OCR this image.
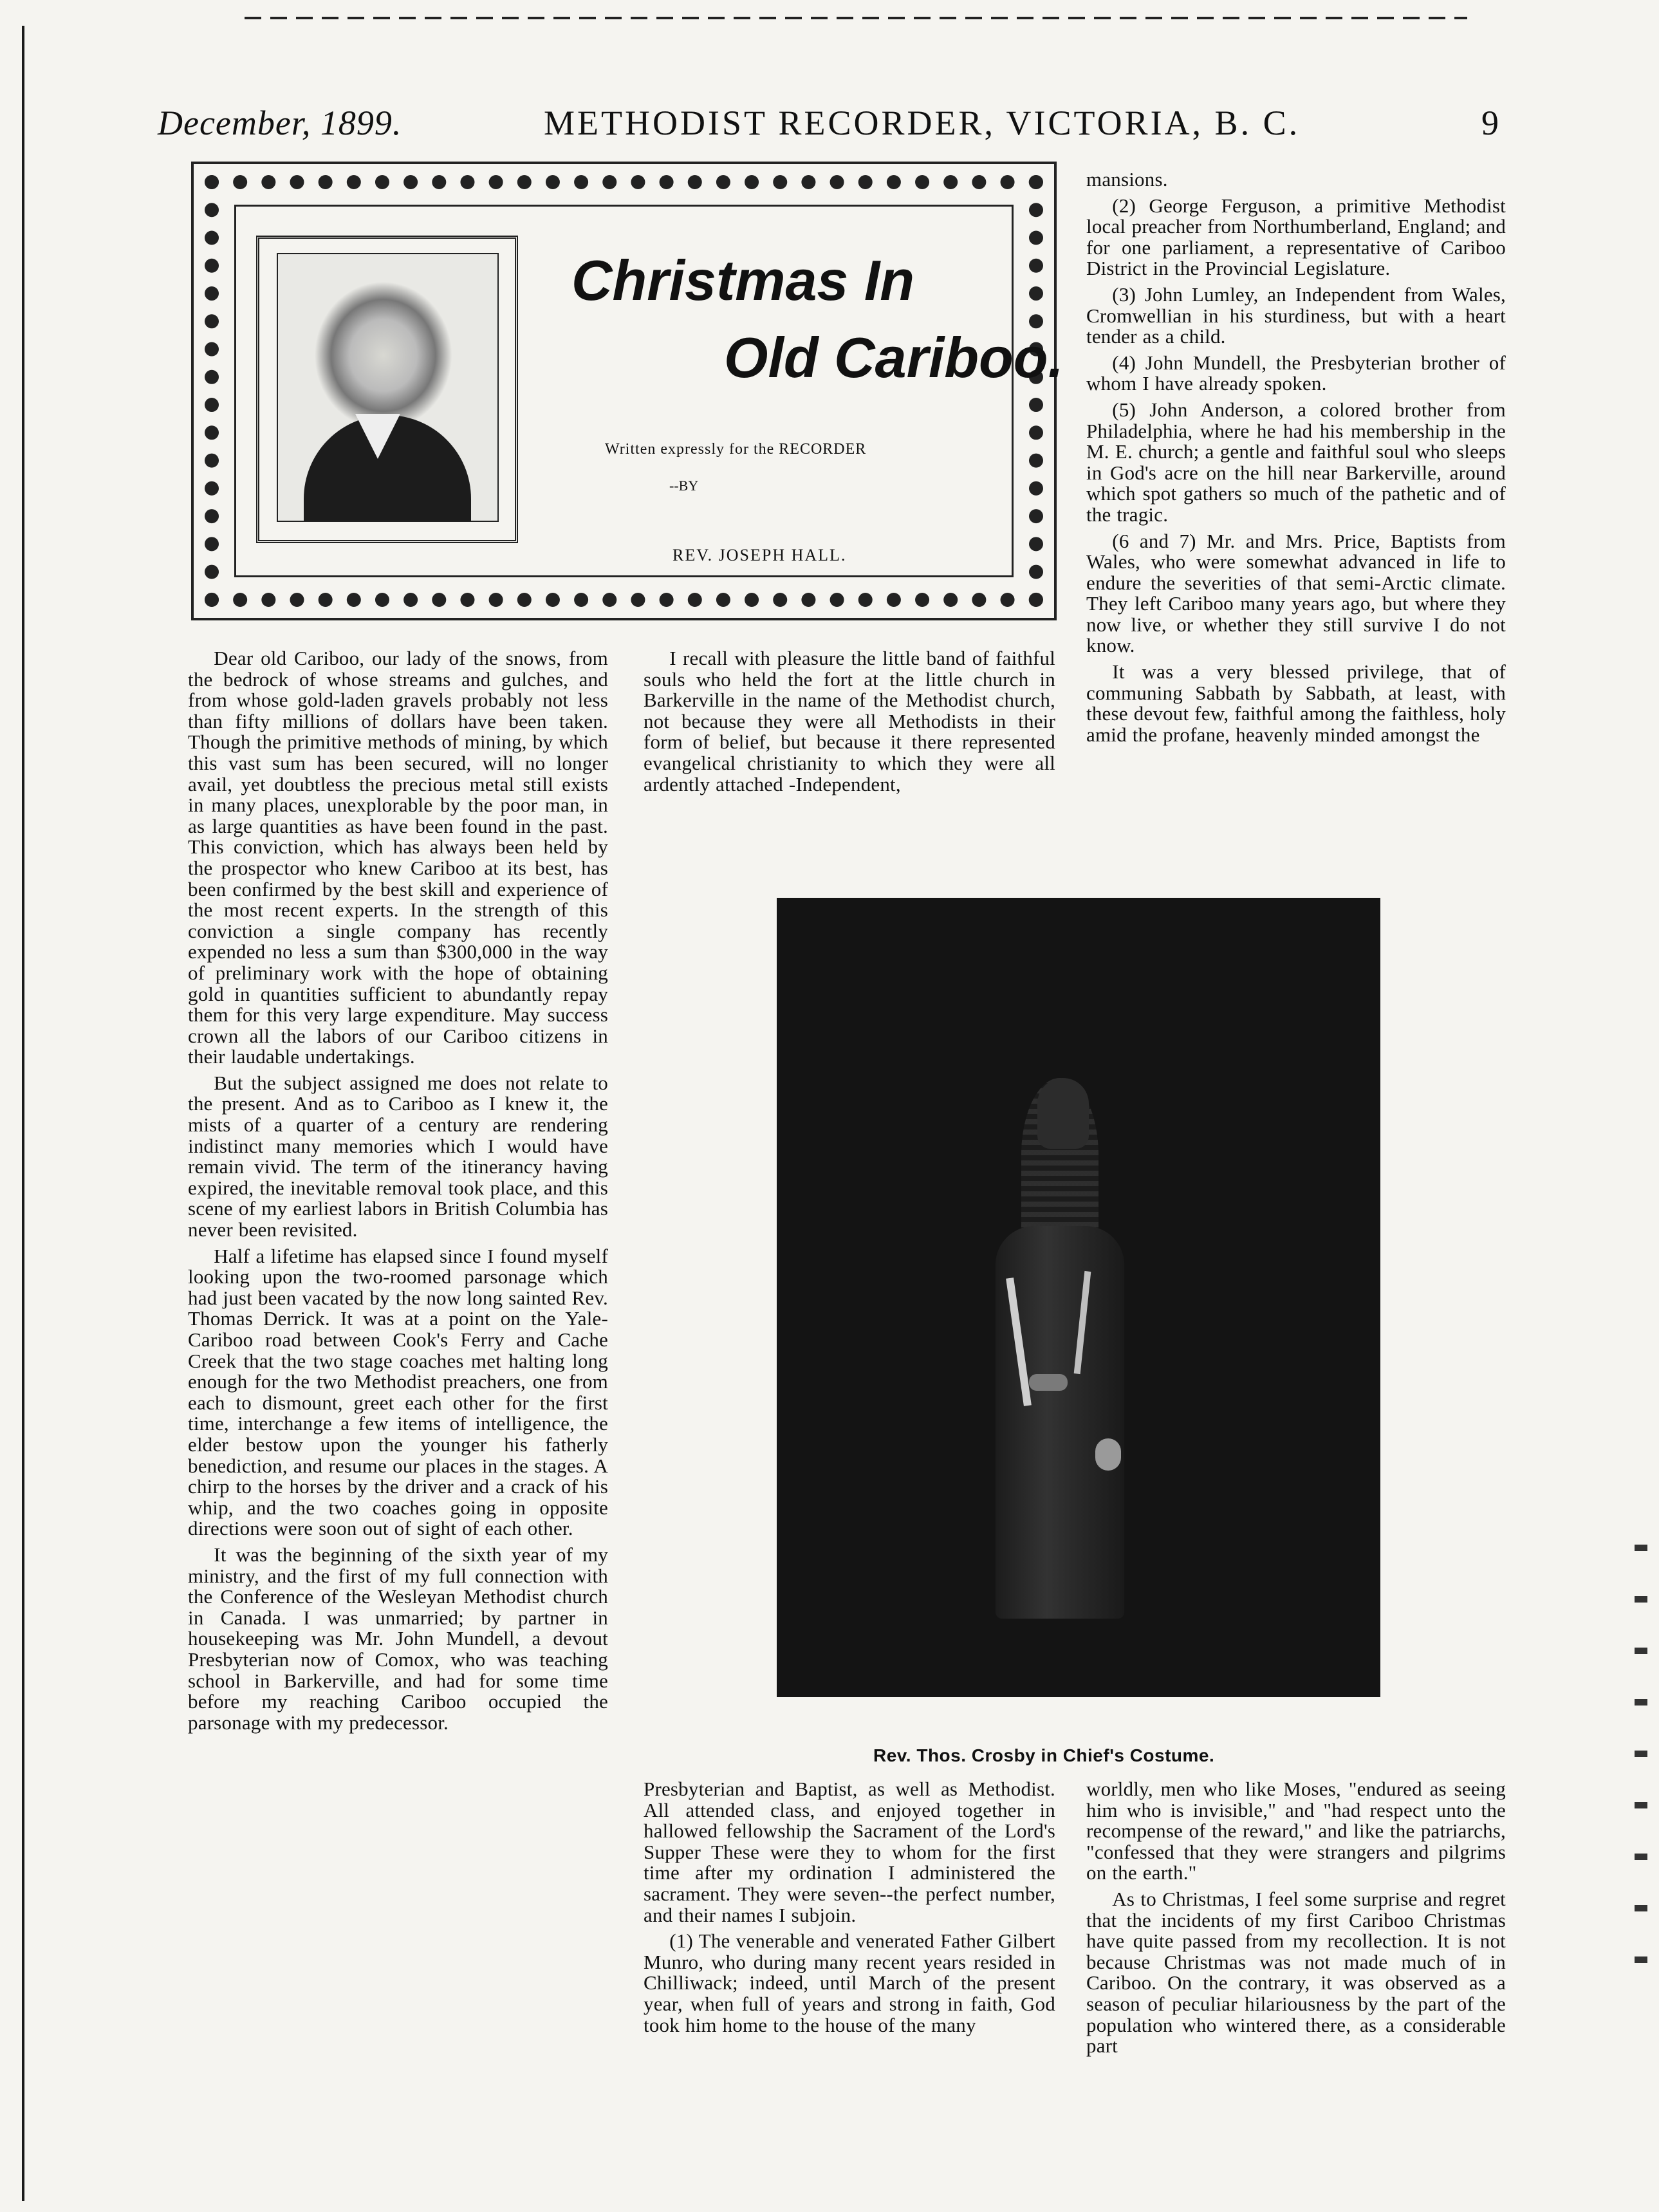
December, 1899.	METHODIST RECORDER, VICTORIA, B. C.	9
Christmas In
Old Cariboo.
Written expressly for the RECORDER
--BY
REV. JOSEPH HALL.

Dear old Cariboo, our lady of the snows, from the bedrock of whose streams and gulches, and from whose gold-laden gravels probably not less than fifty millions of dollars have been taken. Though the primitive methods of mining, by which this vast sum has been secured, will no longer avail, yet doubtless the precious metal still exists in many places, unexplorable by the poor man, in as large quantities as have been found in the past. This conviction, which has always been held by the prospector who knew Cariboo at its best, has been confirmed by the best skill and experience of the most recent experts. In the strength of this conviction a single company has recently expended no less a sum than $300,000 in the way of preliminary work with the hope of obtaining gold in quantities sufficient to abundantly repay them for this very large expenditure. May success crown all the labors of our Cariboo citizens in their laudable undertakings.

But the subject assigned me does not relate to the present. And as to Cariboo as I knew it, the mists of a quarter of a century are rendering indistinct many memories which I would have remain vivid. The term of the itinerancy having expired, the inevitable removal took place, and this scene of my earliest labors in British Columbia has never been revisited.

Half a lifetime has elapsed since I found myself looking upon the two-roomed parsonage which had just been vacated by the now long sainted Rev. Thomas Derrick. It was at a point on the Yale-Cariboo road between Cook's Ferry and Cache Creek that the two stage coaches met halting long enough for the two Methodist preachers, one from each to dismount, greet each other for the first time, interchange a few items of intelligence, the elder bestow upon the younger his fatherly benediction, and resume our places in the stages. A chirp to the horses by the driver and a crack of his whip, and the two coaches going in opposite directions were soon out of sight of each other.

It was the beginning of the sixth year of my ministry, and the first of my full connection with the Conference of the Wesleyan Methodist church in Canada. I was unmarried; by partner in housekeeping was Mr. John Mundell, a devout Presbyterian now of Comox, who was teaching school in Barkerville, and had for some time before my reaching Cariboo occupied the parsonage with my predecessor.

I recall with pleasure the little band of faithful souls who held the fort at the little church in Barkerville in the name of the Methodist church, not because they were all Methodists in their form of belief, but because it there represented evangelical christianity to which they were all ardently attached -Independent,

mansions.

(2) George Ferguson, a primitive Methodist local preacher from Northumberland, England; and for one parliament, a representative of Cariboo District in the Provincial Legislature.

(3) John Lumley, an Independent from Wales, Cromwellian in his sturdiness, but with a heart tender as a child.

(4) John Mundell, the Presbyterian brother of whom I have already spoken.

(5) John Anderson, a colored brother from Philadelphia, where he had his membership in the M. E. church; a gentle and faithful soul who sleeps in God's acre on the hill near Barkerville, around which spot gathers so much of the pathetic and of the tragic.

(6 and 7) Mr. and Mrs. Price, Baptists from Wales, who were somewhat advanced in life to endure the severities of that semi-Arctic climate. They left Cariboo many years ago, but where they now live, or whether they still survive I do not know.

It was a very blessed privilege, that of communing Sabbath by Sabbath, at least, with these devout few, faithful among the faithless, holy amid the profane, heavenly minded amongst the

Rev. Thos. Crosby in Chief's Costume.

Presbyterian and Baptist, as well as Methodist. All attended class, and enjoyed together in hallowed fellowship the Sacrament of the Lord's Supper These were they to whom for the first time after my ordination I administered the sacrament. They were seven--the perfect number, and their names I subjoin.

(1) The venerable and venerated Father Gilbert Munro, who during many recent years resided in Chilliwack; indeed, until March of the present year, when full of years and strong in faith, God took him home to the house of the many

worldly, men who like Moses, "endured as seeing him who is invisible," and "had respect unto the recompense of the reward," and like the patriarchs, "confessed that they were strangers and pilgrims on the earth."

As to Christmas, I feel some surprise and regret that the incidents of my first Cariboo Christmas have quite passed from my recollection. It is not because Christmas was not made much of in Cariboo. On the contrary, it was observed as a season of peculiar hilariousness by the part of the population who wintered there, as a considerable part
